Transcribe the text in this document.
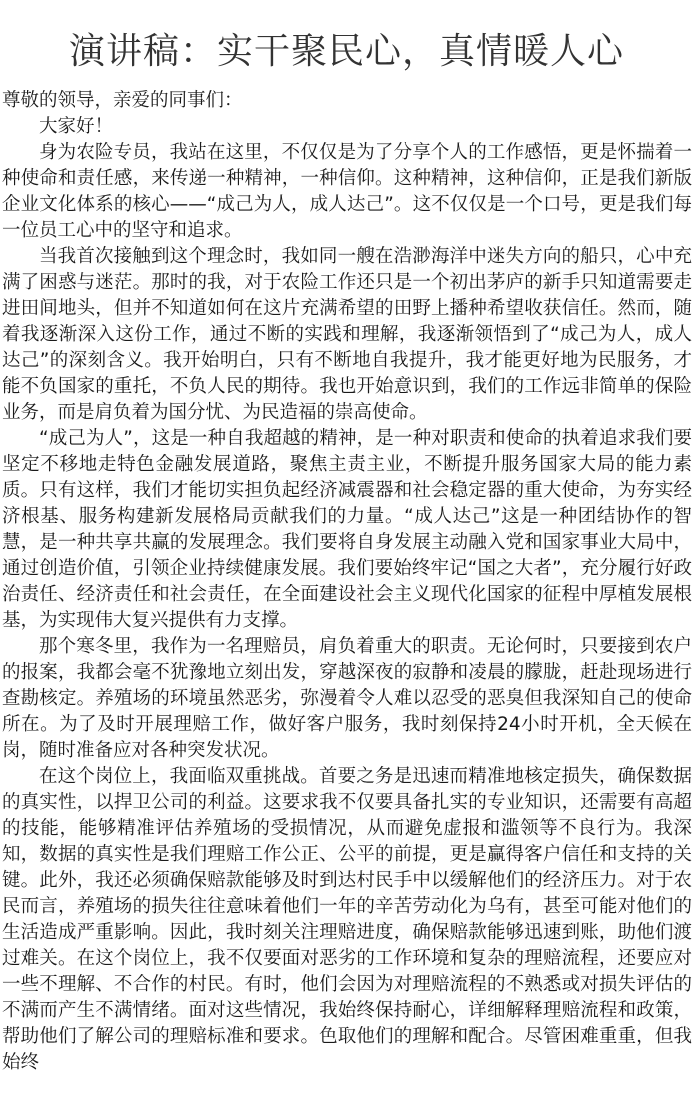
演讲稿：实干聚民心，真情暖人心

尊敬的领导，亲爱的同事们：

大家好！

身为农险专员，我站在这里，不仅仅是为了分享个人的工作感悟，更是怀揣着一种使命和责任感，来传递一种精神，一种信仰。这种精神，这种信仰，正是我们新版企业文化体系的核心——“成己为人，成人达己”。这不仅仅是一个口号，更是我们每一位员工心中的坚守和追求。

当我首次接触到这个理念时，我如同一艘在浩渺海洋中迷失方向的船只，心中充满了困惑与迷茫。那时的我，对于农险工作还只是一个初出茅庐的新手只知道需要走进田间地头，但并不知道如何在这片充满希望的田野上播种希望收获信任。然而，随着我逐渐深入这份工作，通过不断的实践和理解，我逐渐领悟到了“成己为人，成人达己”的深刻含义。我开始明白，只有不断地自我提升，我才能更好地为民服务，才能不负国家的重托，不负人民的期待。我也开始意识到，我们的工作远非简单的保险业务，而是肩负着为国分忧、为民造福的崇高使命。

“成己为人”，这是一种自我超越的精神，是一种对职责和使命的执着追求我们要坚定不移地走特色金融发展道路，聚焦主责主业，不断提升服务国家大局的能力素质。只有这样，我们才能切实担负起经济减震器和社会稳定器的重大使命，为夯实经济根基、服务构建新发展格局贡献我们的力量。“成人达己”这是一种团结协作的智慧，是一种共享共赢的发展理念。我们要将自身发展主动融入党和国家事业大局中，通过创造价值，引领企业持续健康发展。我们要始终牢记“国之大者”，充分履行好政治责任、经济责任和社会责任，在全面建设社会主义现代化国家的征程中厚植发展根基，为实现伟大复兴提供有力支撑。

那个寒冬里，我作为一名理赔员，肩负着重大的职责。无论何时，只要接到农户的报案，我都会毫不犹豫地立刻出发，穿越深夜的寂静和凌晨的朦胧，赶赴现场进行查勘核定。养殖场的环境虽然恶劣，弥漫着令人难以忍受的恶臭但我深知自己的使命所在。为了及时开展理赔工作，做好客户服务，我时刻保持24小时开机，全天候在岗，随时准备应对各种突发状况。

在这个岗位上，我面临双重挑战。首要之务是迅速而精准地核定损失，确保数据的真实性，以捍卫公司的利益。这要求我不仅要具备扎实的专业知识，还需要有高超的技能，能够精准评估养殖场的受损情况，从而避免虚报和滥领等不良行为。我深知，数据的真实性是我们理赔工作公正、公平的前提，更是赢得客户信任和支持的关键。此外，我还必须确保赔款能够及时到达村民手中以缓解他们的经济压力。对于农民而言，养殖场的损失往往意味着他们一年的辛苦劳动化为乌有，甚至可能对他们的生活造成严重影响。因此，我时刻关注理赔进度，确保赔款能够迅速到账，助他们渡过难关。在这个岗位上，我不仅要面对恶劣的工作环境和复杂的理赔流程，还要应对一些不理解、不合作的村民。有时，他们会因为对理赔流程的不熟悉或对损失评估的不满而产生不满情绪。面对这些情况，我始终保持耐心，详细解释理赔流程和政策，帮助他们了解公司的理赔标准和要求。色取他们的理解和配合。尽管困难重重，但我始终
